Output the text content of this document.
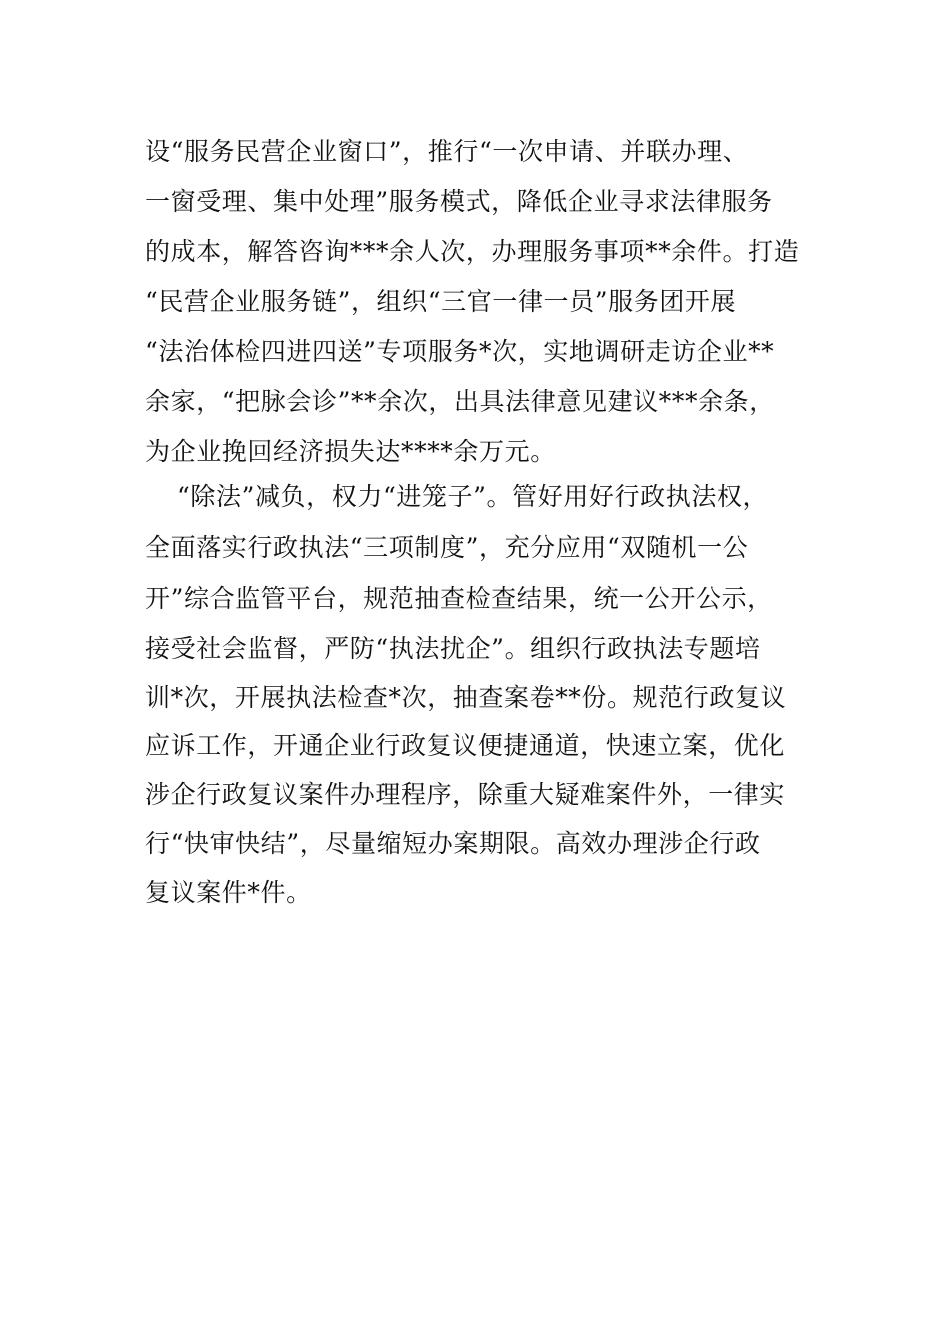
设“服务民营企业窗口”，推行“一次申请、并联办理、
一窗受理、集中处理”服务模式，降低企业寻求法律服务
的成本，解答咨询***余人次，办理服务事项**余件。打造
“民营企业服务链”，组织“三官一律一员”服务团开展
“法治体检四进四送”专项服务*次，实地调研走访企业**
余家，“把脉会诊”**余次，出具法律意见建议***余条，
为企业挽回经济损失达****余万元。
“除法”减负，权力“进笼子”。管好用好行政执法权，
全面落实行政执法“三项制度”，充分应用“双随机一公
开”综合监管平台，规范抽查检查结果，统一公开公示，
接受社会监督，严防“执法扰企”。组织行政执法专题培
训*次，开展执法检查*次，抽查案卷**份。规范行政复议
应诉工作，开通企业行政复议便捷通道，快速立案，优化
涉企行政复议案件办理程序，除重大疑难案件外，一律实
行“快审快结”，尽量缩短办案期限。高效办理涉企行政
复议案件*件。
